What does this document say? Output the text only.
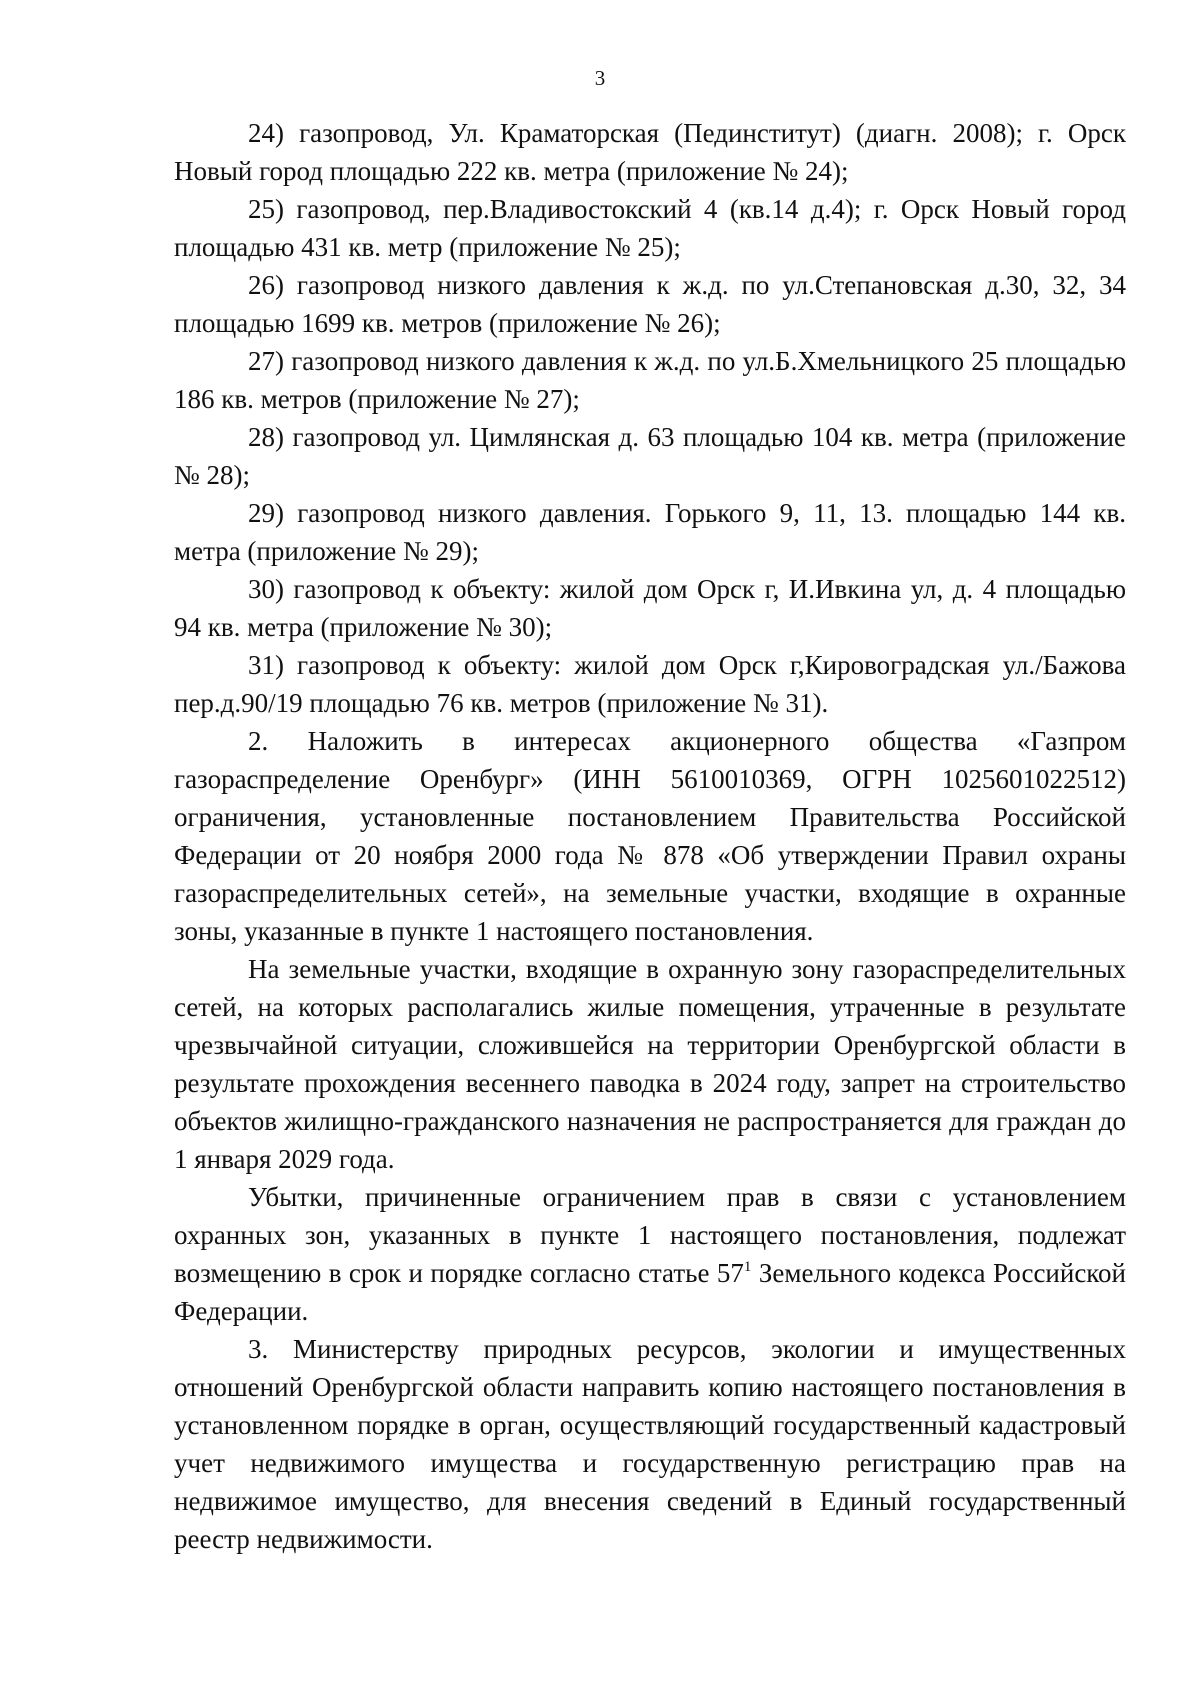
3

24) газопровод, Ул. Краматорская (Пединститут) (диагн. 2008); г. Орск Новый город площадью 222 кв. метра (приложение № 24);

25) газопровод, пер.Владивостокский 4 (кв.14 д.4); г. Орск Новый город площадью 431 кв. метр (приложение № 25);

26) газопровод низкого давления к ж.д. по ул.Степановская д.30, 32, 34 площадью 1699 кв. метров (приложение № 26);

27) газопровод низкого давления к ж.д. по ул.Б.Хмельницкого 25 площадью 186 кв. метров (приложение № 27);

28) газопровод ул. Цимлянская д. 63 площадью 104 кв. метра (приложение № 28);

29) газопровод низкого давления. Горького 9, 11, 13. площадью 144 кв. метра (приложение № 29);

30) газопровод к объекту: жилой дом Орск г, И.Ивкина ул, д. 4 площадью 94 кв. метра (приложение № 30);

31) газопровод к объекту: жилой дом Орск г,Кировоградская ул./Бажова пер.д.90/19 площадью 76 кв. метров (приложение № 31).

2. Наложить в интересах акционерного общества «Газпром газораспределение Оренбург» (ИНН 5610010369, ОГРН 1025601022512) ограничения, установленные постановлением Правительства Российской Федерации от 20 ноября 2000 года № 878 «Об утверждении Правил охраны газораспределительных сетей», на земельные участки, входящие в охранные зоны, указанные в пункте 1 настоящего постановления.

На земельные участки, входящие в охранную зону газораспределительных сетей, на которых располагались жилые помещения, утраченные в результате чрезвычайной ситуации, сложившейся на территории Оренбургской области в результате прохождения весеннего паводка в 2024 году, запрет на строительство объектов жилищно-гражданского назначения не распространяется для граждан до 1 января 2029 года.

Убытки, причиненные ограничением прав в связи с установлением охранных зон, указанных в пункте 1 настоящего постановления, подлежат возмещению в срок и порядке согласно статье $57^1$ Земельного кодекса Российской Федерации.

3. Министерству природных ресурсов, экологии и имущественных отношений Оренбургской области направить копию настоящего постановления в установленном порядке в орган, осуществляющий государственный кадастровый учет недвижимого имущества и государственную регистрацию прав на недвижимое имущество, для внесения сведений в Единый государственный реестр недвижимости.
